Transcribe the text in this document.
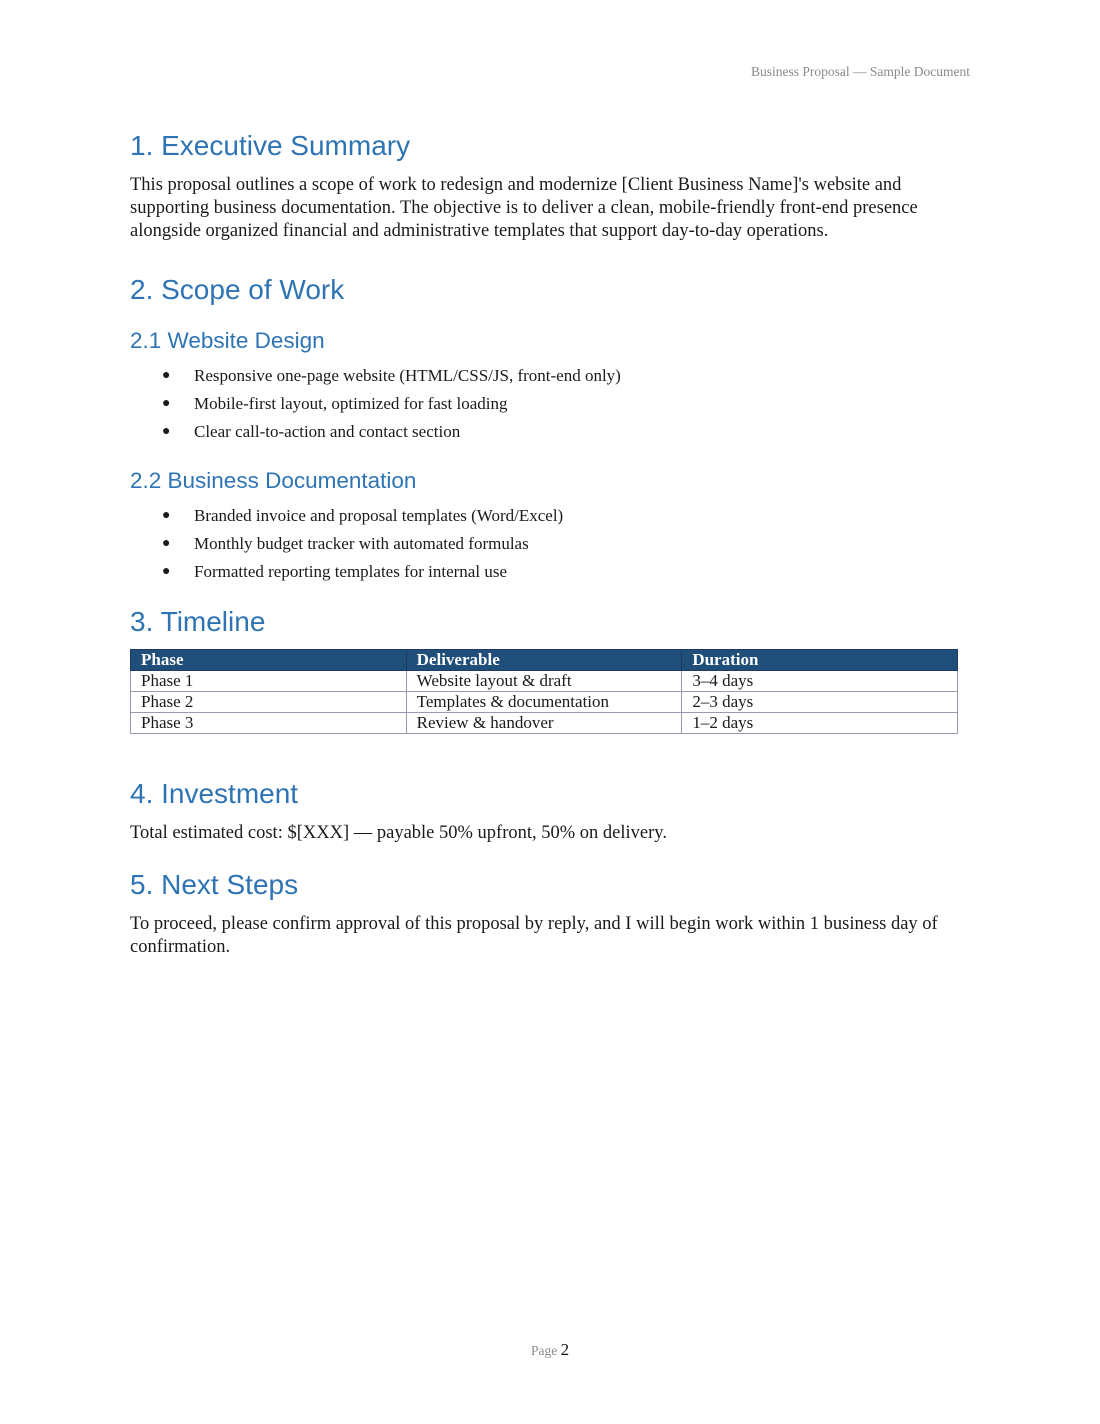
Business Proposal — Sample Document
1. Executive Summary

This proposal outlines a scope of work to redesign and modernize [Client Business Name]'s website and supporting business documentation. The objective is to deliver a clean, mobile-friendly front-end presence alongside organized financial and administrative templates that support day-to-day operations.

2. Scope of Work
2.1 Website Design
● Responsive one-page website (HTML/CSS/JS, front-end only)
● Mobile-first layout, optimized for fast loading
● Clear call-to-action and contact section
2.2 Business Documentation
● Branded invoice and proposal templates (Word/Excel)
● Monthly budget tracker with automated formulas
● Formatted reporting templates for internal use
3. Timeline
Phase	Deliverable	Duration
Phase 1	Website layout & draft	3–4 days
Phase 2	Templates & documentation	2–3 days
Phase 3	Review & handover	1–2 days
4. Investment

Total estimated cost: $[XXX] — payable 50% upfront, 50% on delivery.

5. Next Steps

To proceed, please confirm approval of this proposal by reply, and I will begin work within 1 business day of confirmation.

Page 2
